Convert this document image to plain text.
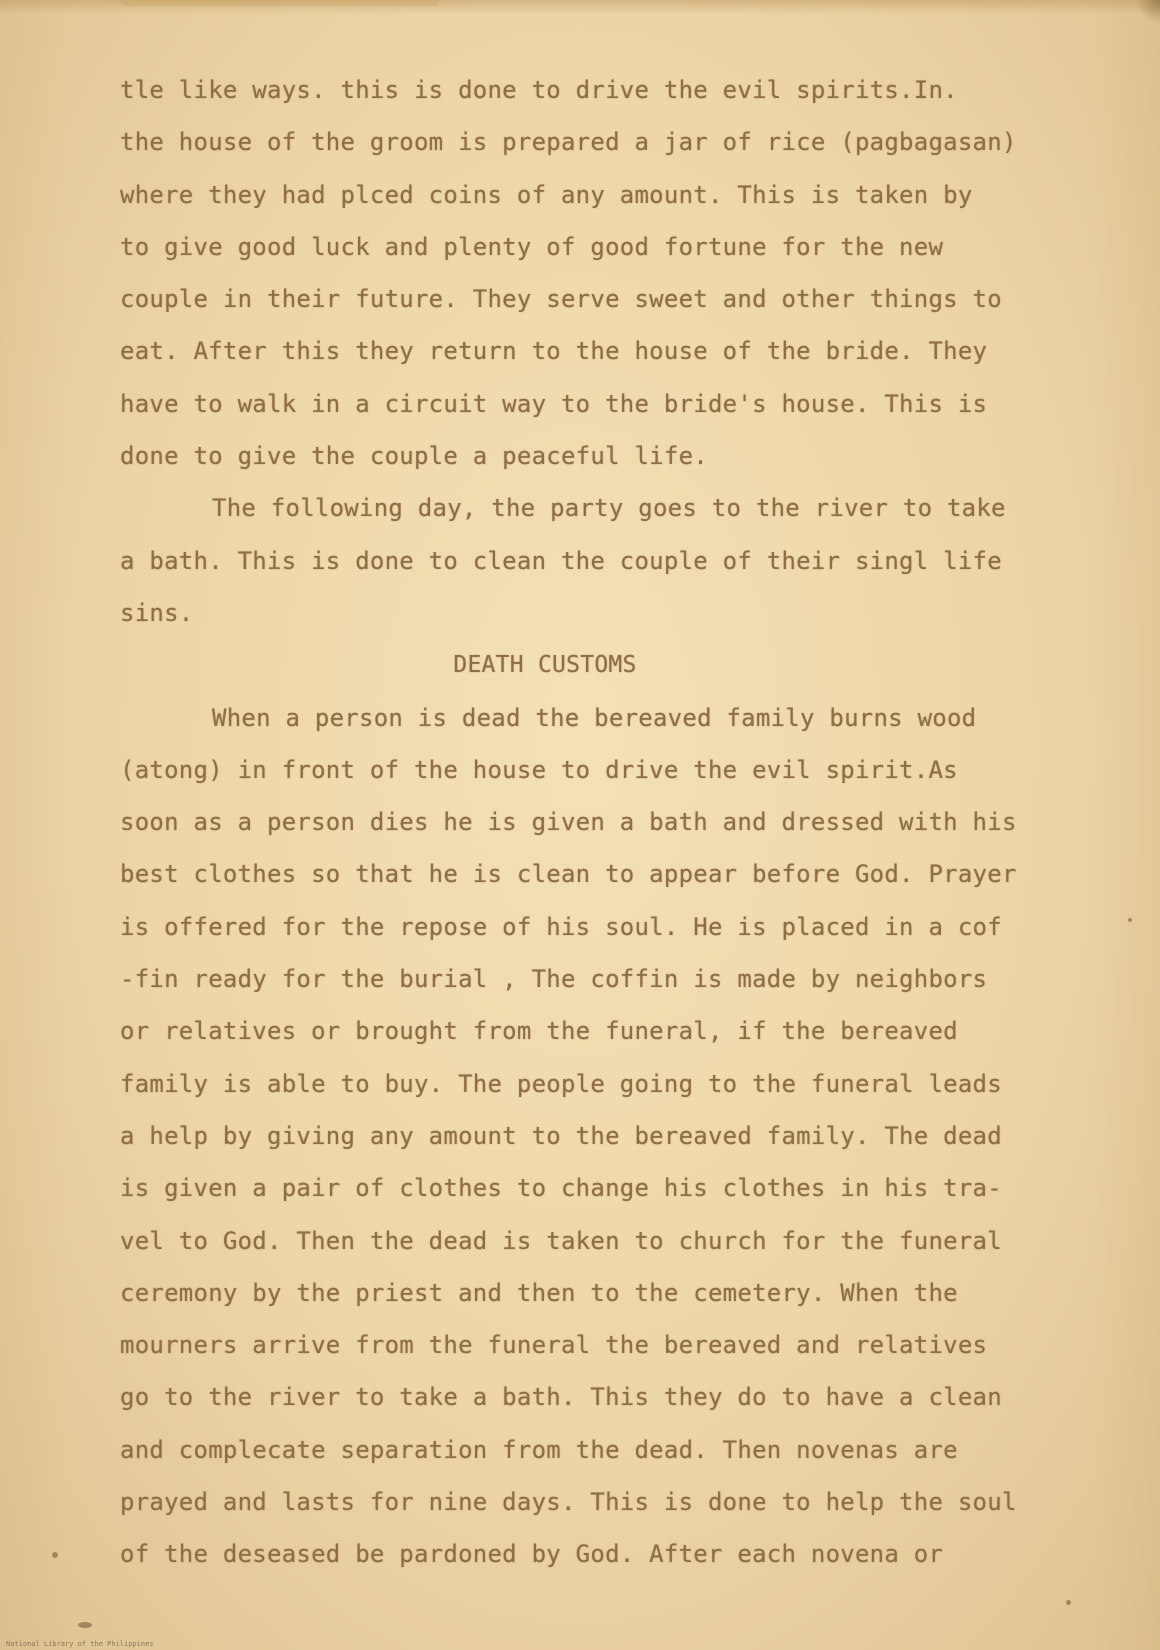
tle like ways. this is done to drive the evil spirits.In.
the house of the groom is prepared a jar of rice (pagbagasan)
where they had plced coins of any amount. This is taken by
to give good luck and plenty of good fortune for the new
couple in their future. They serve sweet and other things to
eat. After this they return to the house of the bride. They
have to walk in a circuit way to the bride's house. This is
done to give the couple a peaceful life.
The following day, the party goes to the river to take
a bath. This is done to clean the couple of their singl life
sins.
DEATH CUSTOMS
When a person is dead the bereaved family burns wood
(atong) in front of the house to drive the evil spirit.As
soon as a person dies he is given a bath and dressed with his
best clothes so that he is clean to appear before God. Prayer
is offered for the repose of his soul. He is placed in a cof
-fin ready for the burial , The coffin is made by neighbors
or relatives or brought from the funeral, if the bereaved
family is able to buy. The people going to the funeral leads
a help by giving any amount to the bereaved family. The dead
is given a pair of clothes to change his clothes in his tra-
vel to God. Then the dead is taken to church for the funeral
ceremony by the priest and then to the cemetery. When the
mourners arrive from the funeral the bereaved and relatives
go to the river to take a bath. This they do to have a clean
and complecate separation from the dead. Then novenas are
prayed and lasts for nine days. This is done to help the soul
of the deseased be pardoned by God. After each novena or
National Library of the Philippines
